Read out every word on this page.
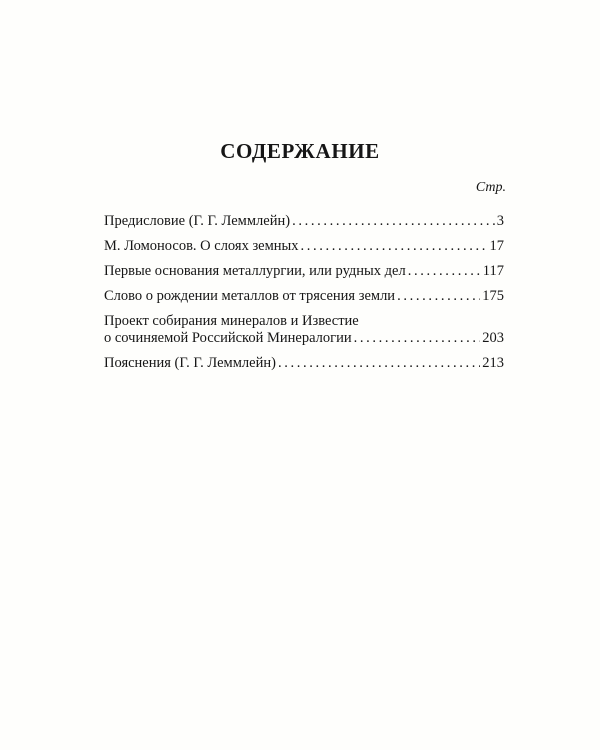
СОДЕРЖАНИЕ
Стр.
Предисловие (Г. Г. Леммлейн) . . .	3
М. Ломоносов. О слоях земных . . .	17
Первые основания металлургии, или рудных дел . . .	117
Слово о рождении металлов от трясения земли . . .	175
Проект собирания минералов и Известие
о сочиняемой Российской Минералогии . . .	203
Пояснения (Г. Г. Леммлейн) . . .	213
